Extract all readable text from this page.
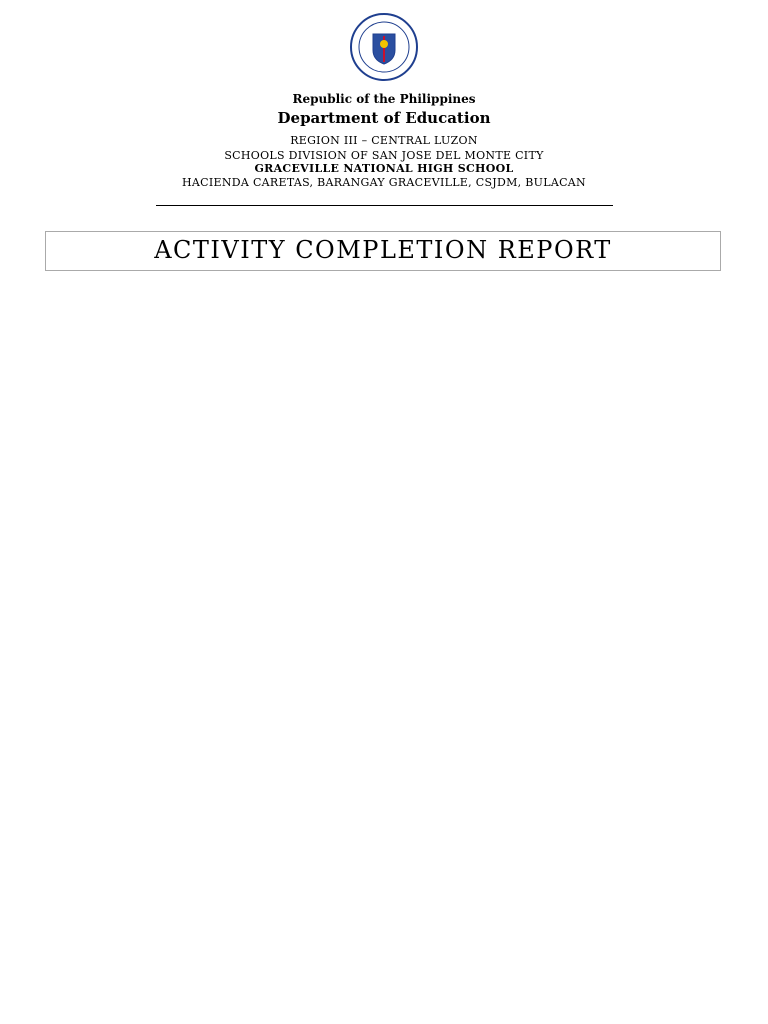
Republic of the Philippines
Department of Education
REGION III – CENTRAL LUZON
SCHOOLS DIVISION OF SAN JOSE DEL MONTE CITY
GRACEVILLE NATIONAL HIGH SCHOOL
HACIENDA CARETAS, BARANGAY GRACEVILLE, CSJDM, BULACAN
ACTIVITY COMPLETION REPORT
